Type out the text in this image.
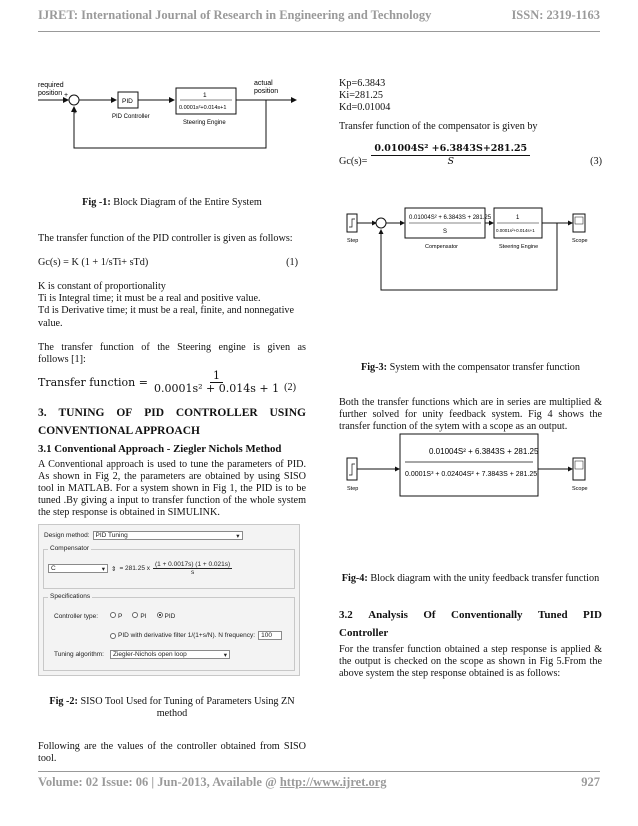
IJRET: International Journal of Research in Engineering and Technology	ISSN: 2319-1163
required
position +
-
PID
PID Controller
1
0.0001s²+0.014s+1
Steering Engine
actual
position

Fig -1: Block Diagram of the Entire System

The transfer function of the PID controller is given as follows:

Gc(s) = K (1 + 1/sTi+ sTd)	(1)

K is constant of proportionality

Ti is Integral time; it must be a real and positive value.

Td is Derivative time; it must be a real, finite, and nonnegative value.

The transfer function of the Steering engine is given as

follows [1]:

Transfer function = $\frac{1}{\text{0.0001s² + 0.014s + 1}} (2)$
3. TUNING OF PID CONTROLLER USING

CONVENTIONAL APPROACH

3.1 Conventional Approach - Ziegler Nichols Method

A Conventional approach is used to tune the parameters of PID. As shown in Fig 2, the parameters are obtained by using SISO tool in MATLAB. For a system shown in Fig 1, the PID is to be tuned .By giving a input to transfer function of the whole system the step response is obtained in SIMULINK.

Design method: PID Tuning	▾
Compensator
C	▾ ⇕ = 281.25 x $\frac{(1 + 0.0017s) (1 + 0.021s)}{s}$
Specifications
Controller type:	P	PI	PID
PID with derivative filter 1/(1+s/N). N frequency: 100
Tuning algorithm:	Ziegler-Nichols open loop	▾

Fig -2: SISO Tool Used for Tuning of Parameters Using ZN method

Following are the values of the controller obtained from SISO tool.

Kp=6.3843

Ki=281.25

Kd=0.01004

Transfer function of the compensator is given by

$Gc(s)= \frac{\text{0.01004S² +6.3843S+281.25}}{S}$	(3)
Step
0.01004S² + 6.3843S + 281.25
S
Compensator
1
0.0001s²+0.014s+1
Steering Engine
Scope

Fig-3: System with the compensator transfer function

Both the transfer functions which are in series are multiplied & further solved for unity feedback system. Fig 4 shows the transfer function of the sytem with a scope as an output.

Step
0.01004S² + 6.3843S + 281.25
0.0001S³ + 0.02404S² + 7.3843S + 281.25
Scope

Fig-4: Block diagram with the unity feedback transfer function

3.2 Analysis Of Conventionally Tuned PID

Controller

For the transfer function obtained a step response is applied & the output is checked on the scope as shown in Fig 5.From the above system the step response obtained is as follows:

Volume: 02 Issue: 06 | Jun-2013, Available @ http://www.ijret.org	927
